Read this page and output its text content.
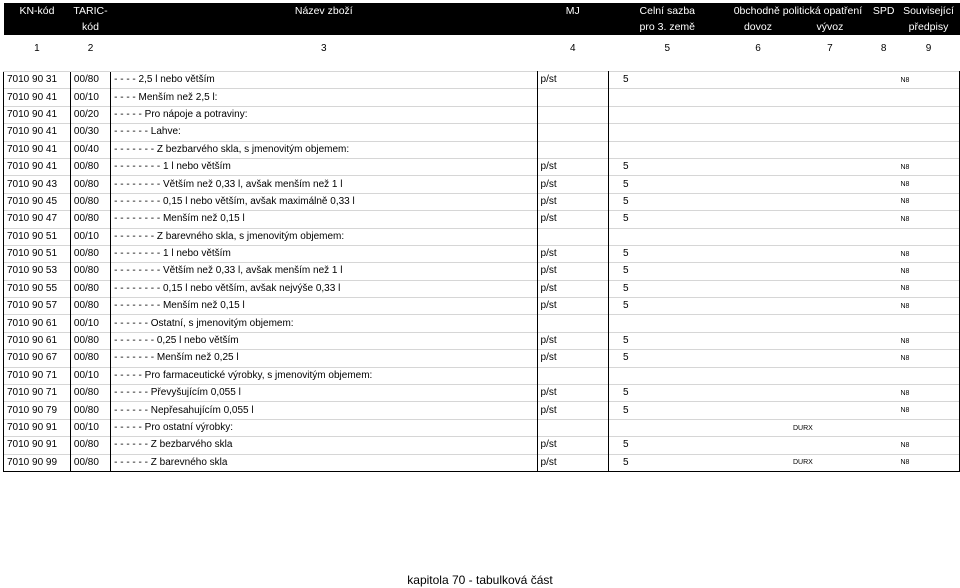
KN-kód	TARIC-	Název zboží	MJ	Celní sazba	0bchodně politická opatření		SPD	Související
	kód			pro 3. země	dovoz	vývoz		předpisy
1	2	3	4	5	6	7	8	9

7010 90 31	00/80	- - - - 2,5 l nebo větším	p/st	5				N8
7010 90 41	00/10	- - - - Menším než 2,5 l:						
7010 90 41	00/20	- - - - - Pro nápoje a potraviny:						
7010 90 41	00/30	- - - - - - Lahve:						
7010 90 41	00/40	- - - - - - - Z bezbarvého skla, s jmenovitým objemem:						
7010 90 41	00/80	- - - - - - - - 1 l nebo větším	p/st	5				N8
7010 90 43	00/80	- - - - - - - - Větším než 0,33 l, avšak menším než 1 l	p/st	5				N8
7010 90 45	00/80	- - - - - - - - 0,15 l nebo větším, avšak maximálně 0,33 l	p/st	5				N8
7010 90 47	00/80	- - - - - - - - Menším než 0,15 l	p/st	5				N8
7010 90 51	00/10	- - - - - - - Z barevného skla, s jmenovitým objemem:						
7010 90 51	00/80	- - - - - - - - 1 l nebo větším	p/st	5				N8
7010 90 53	00/80	- - - - - - - - Větším než 0,33 l, avšak menším než 1 l	p/st	5				N8
7010 90 55	00/80	- - - - - - - - 0,15 l nebo větším, avšak nejvýše 0,33 l	p/st	5				N8
7010 90 57	00/80	- - - - - - - - Menším než 0,15 l	p/st	5				N8
7010 90 61	00/10	- - - - - - Ostatní, s jmenovitým objemem:						
7010 90 61	00/80	- - - - - - - 0,25 l nebo větším	p/st	5				N8
7010 90 67	00/80	- - - - - - - Menším než 0,25 l	p/st	5				N8
7010 90 71	00/10	- - - - - Pro farmaceutické výrobky, s jmenovitým objemem:						
7010 90 71	00/80	- - - - - - Převyšujícím 0,055 l	p/st	5				N8
7010 90 79	00/80	- - - - - - Nepřesahujícím 0,055 l	p/st	5				N8
7010 90 91	00/10	- - - - - Pro ostatní výrobky:				DURX		
7010 90 91	00/80	- - - - - - Z bezbarvého skla	p/st	5				N8
7010 90 99	00/80	- - - - - - Z barevného skla	p/st	5		DURX		N8
kapitola 70 - tabulková část
